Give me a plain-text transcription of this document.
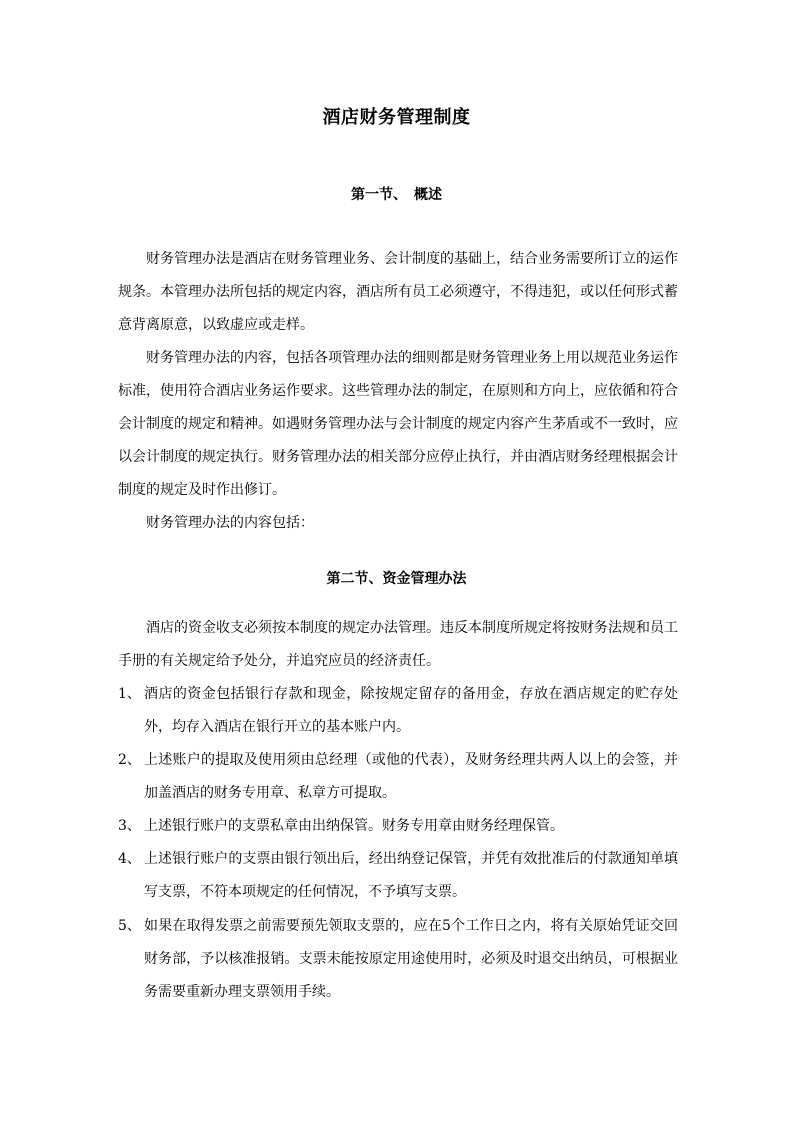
酒店财务管理制度
第一节、　概述

财务管理办法是酒店在财务管理业务、会计制度的基础上，结合业务需要所订立的运作规条。本管理办法所包括的规定内容，酒店所有员工必须遵守，不得违犯，或以任何形式蓄意背离原意，以致虚应或走样。

财务管理办法的内容，包括各项管理办法的细则都是财务管理业务上用以规范业务运作标准，使用符合酒店业务运作要求。这些管理办法的制定，在原则和方向上，应依循和符合会计制度的规定和精神。如遇财务管理办法与会计制度的规定内容产生茅盾或不一致时，应以会计制度的规定执行。财务管理办法的相关部分应停止执行，并由酒店财务经理根据会计制度的规定及时作出修订。

财务管理办法的内容包括：

第二节、资金管理办法

酒店的资金收支必须按本制度的规定办法管理。违反本制度所规定将按财务法规和员工手册的有关规定给予处分，并追究应员的经济责任。

1、 酒店的资金包括银行存款和现金，除按规定留存的备用金，存放在酒店规定的贮存处外，均存入酒店在银行开立的基本账户内。
2、 上述账户的提取及使用须由总经理（或他的代表），及财务经理共两人以上的会签，并加盖酒店的财务专用章、私章方可提取。
3、 上述银行账户的支票私章由出纳保管。财务专用章由财务经理保管。
4、 上述银行账户的支票由银行领出后，经出纳登记保管，并凭有效批准后的付款通知单填写支票，不符本项规定的任何情况，不予填写支票。
5、 如果在取得发票之前需要预先领取支票的，应在5个工作日之内，将有关原始凭证交回财务部，予以核准报销。支票未能按原定用途使用时，必须及时退交出纳员，可根据业务需要重新办理支票领用手续。
